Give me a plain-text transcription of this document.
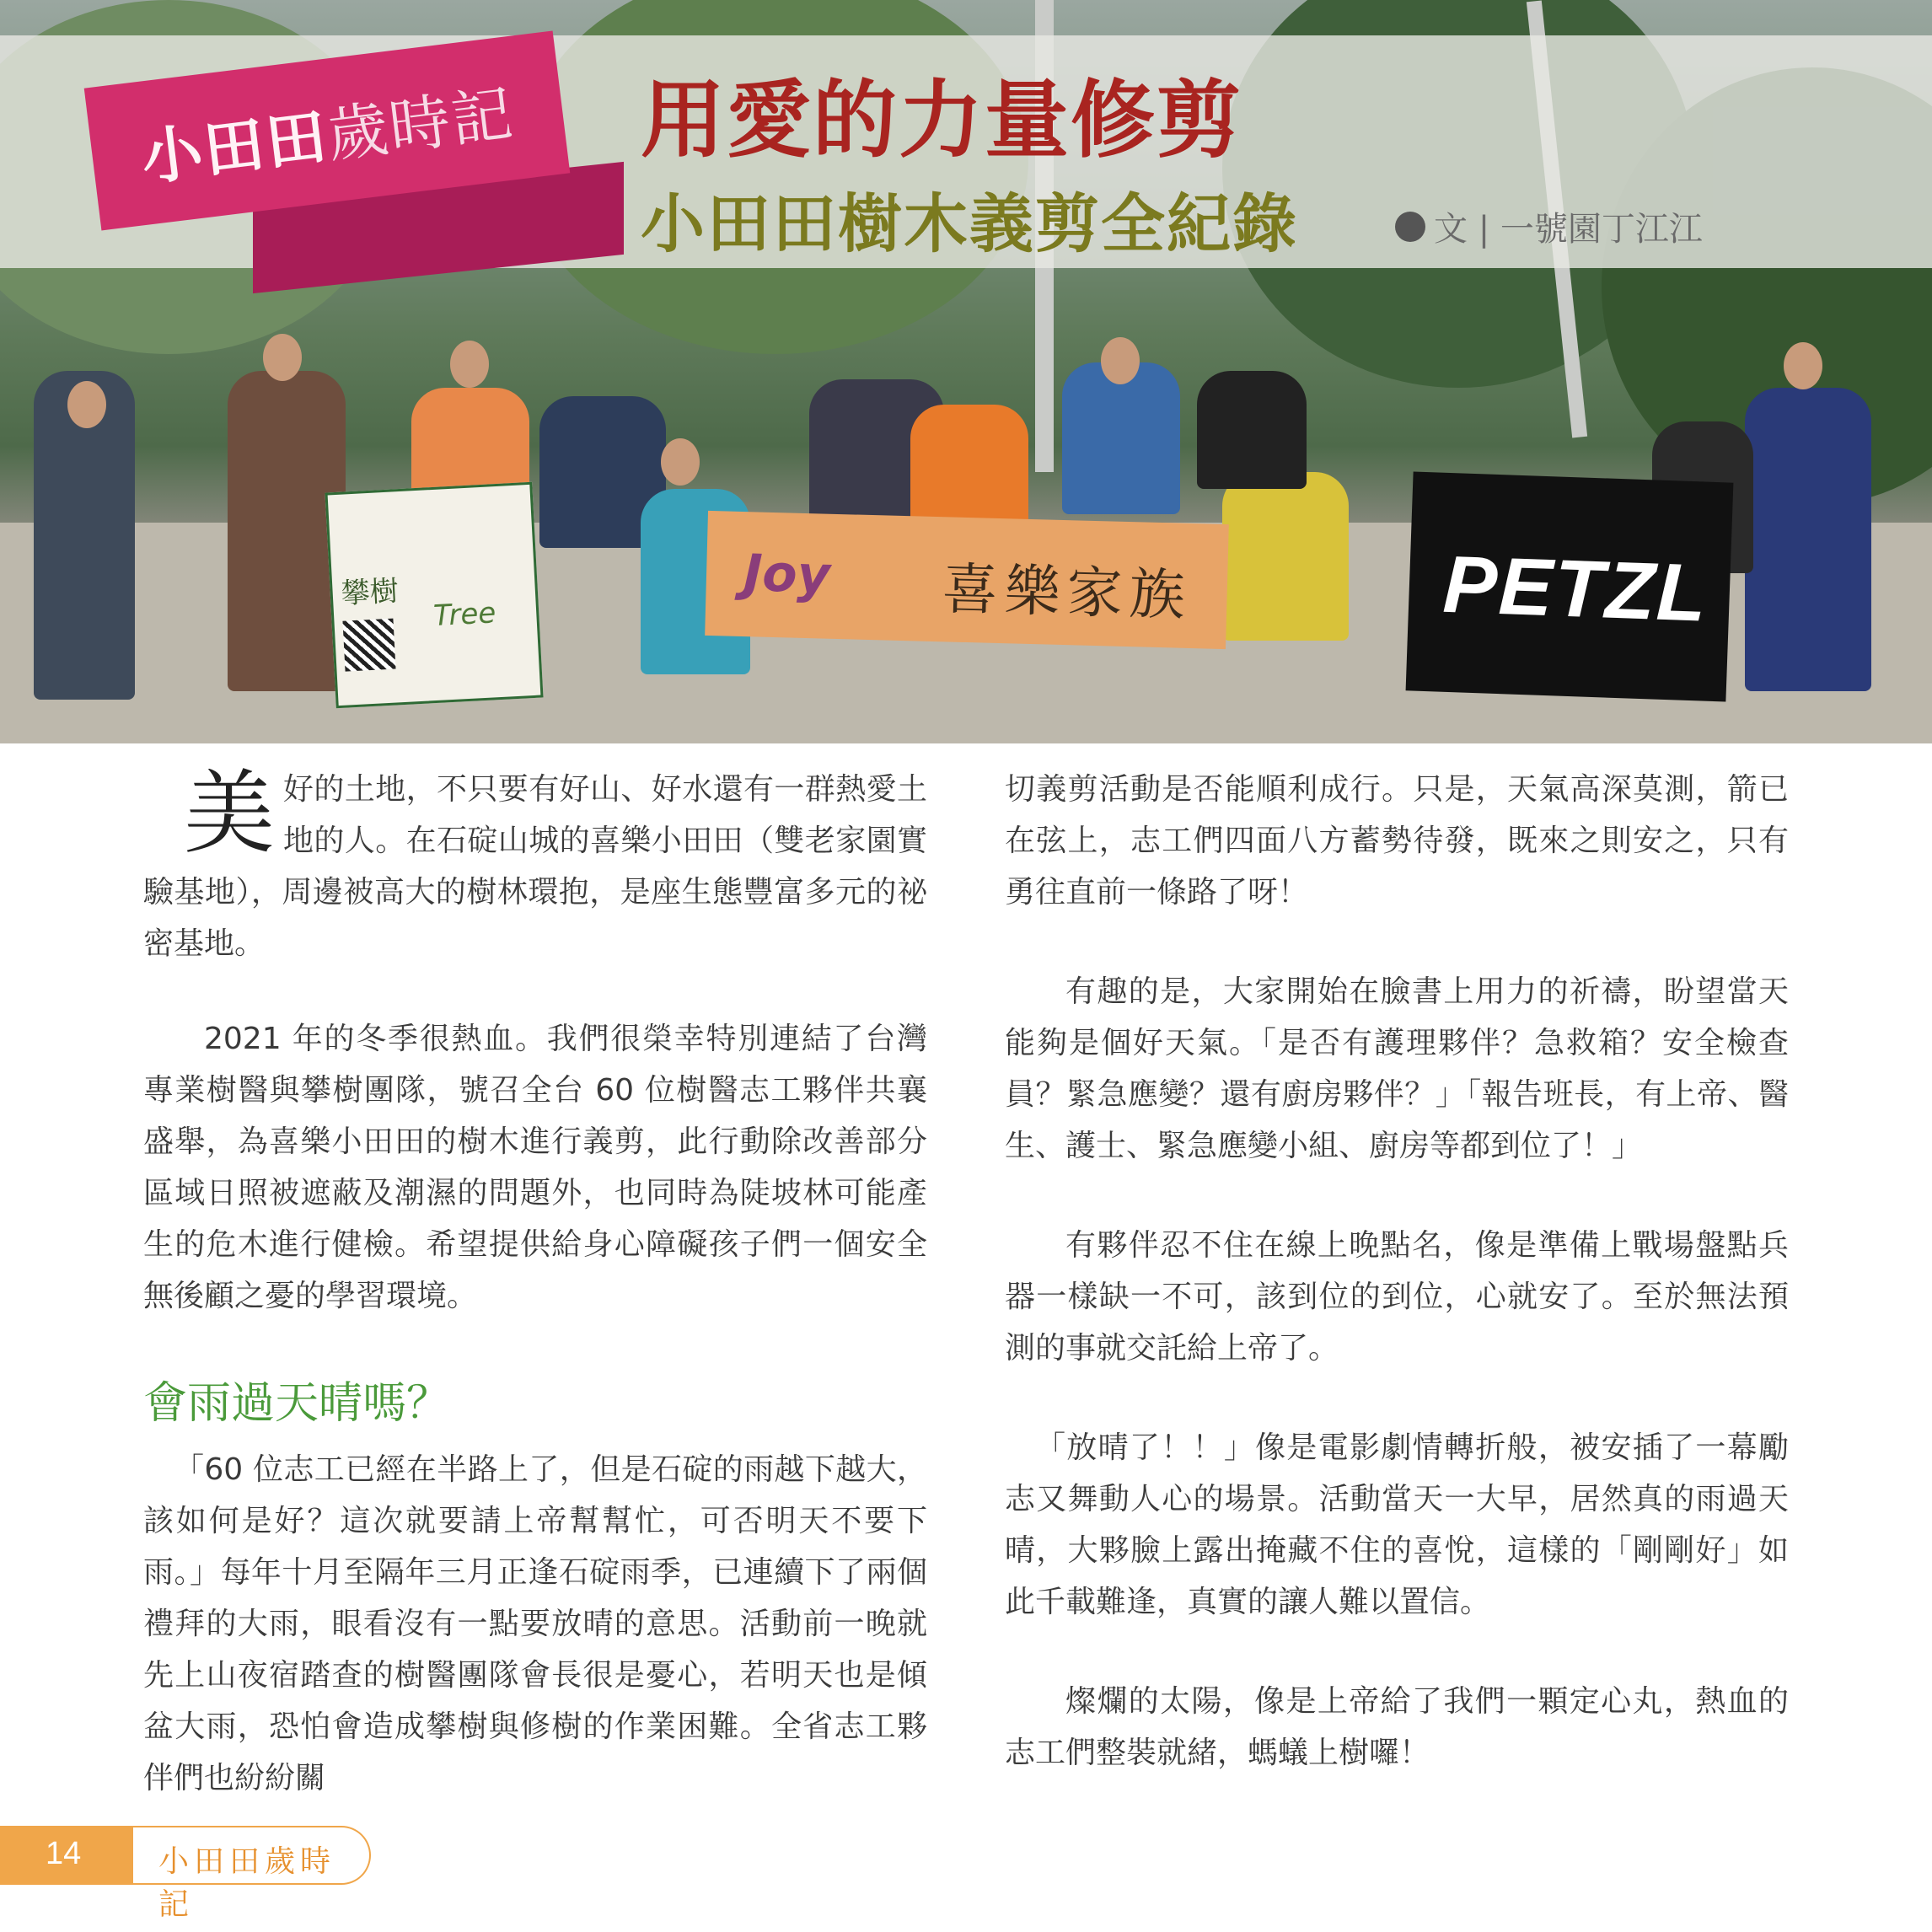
攀樹
Tree
Joy 喜樂家族	PETZL
小田田
歲時記 用愛的力量修剪
小田田樹木義剪全紀錄	文 | 一號園丁江江

美好的土地，不只要有好山、好水還有一群熱愛土地的人。在石碇山城的喜樂小田田（雙老家園實驗基地），周邊被高大的樹林環抱，是座生態豐富多元的祕密基地。

2021 年的冬季很熱血。我們很榮幸特別連結了台灣專業樹醫與攀樹團隊，號召全台 60 位樹醫志工夥伴共襄盛舉，為喜樂小田田的樹木進行義剪，此行動除改善部分區域日照被遮蔽及潮濕的問題外，也同時為陡坡林可能產生的危木進行健檢。希望提供給身心障礙孩子們一個安全無後顧之憂的學習環境。

會雨過天晴嗎？

「60 位志工已經在半路上了，但是石碇的雨越下越大，該如何是好？這次就要請上帝幫幫忙，可否明天不要下雨。」每年十月至隔年三月正逢石碇雨季，已連續下了兩個禮拜的大雨，眼看沒有一點要放晴的意思。活動前一晚就先上山夜宿踏查的樹醫團隊會長很是憂心，若明天也是傾盆大雨，恐怕會造成攀樹與修樹的作業困難。全省志工夥伴們也紛紛關

切義剪活動是否能順利成行。只是，天氣高深莫測，箭已在弦上，志工們四面八方蓄勢待發，既來之則安之，只有勇往直前一條路了呀！

有趣的是，大家開始在臉書上用力的祈禱，盼望當天能夠是個好天氣。「是否有護理夥伴？急救箱？安全檢查員？緊急應變？還有廚房夥伴？」「報告班長，有上帝、醫生、護士、緊急應變小組、廚房等都到位了！」

有夥伴忍不住在線上晚點名，像是準備上戰場盤點兵器一樣缺一不可，該到位的到位，心就安了。至於無法預測的事就交託給上帝了。

「放晴了！！」像是電影劇情轉折般，被安插了一幕勵志又舞動人心的場景。活動當天一大早，居然真的雨過天晴，大夥臉上露出掩藏不住的喜悅，這樣的「剛剛好」如此千載難逢，真實的讓人難以置信。

燦爛的太陽，像是上帝給了我們一顆定心丸，熱血的志工們整裝就緒，螞蟻上樹囉！

14	小田田歲時記
